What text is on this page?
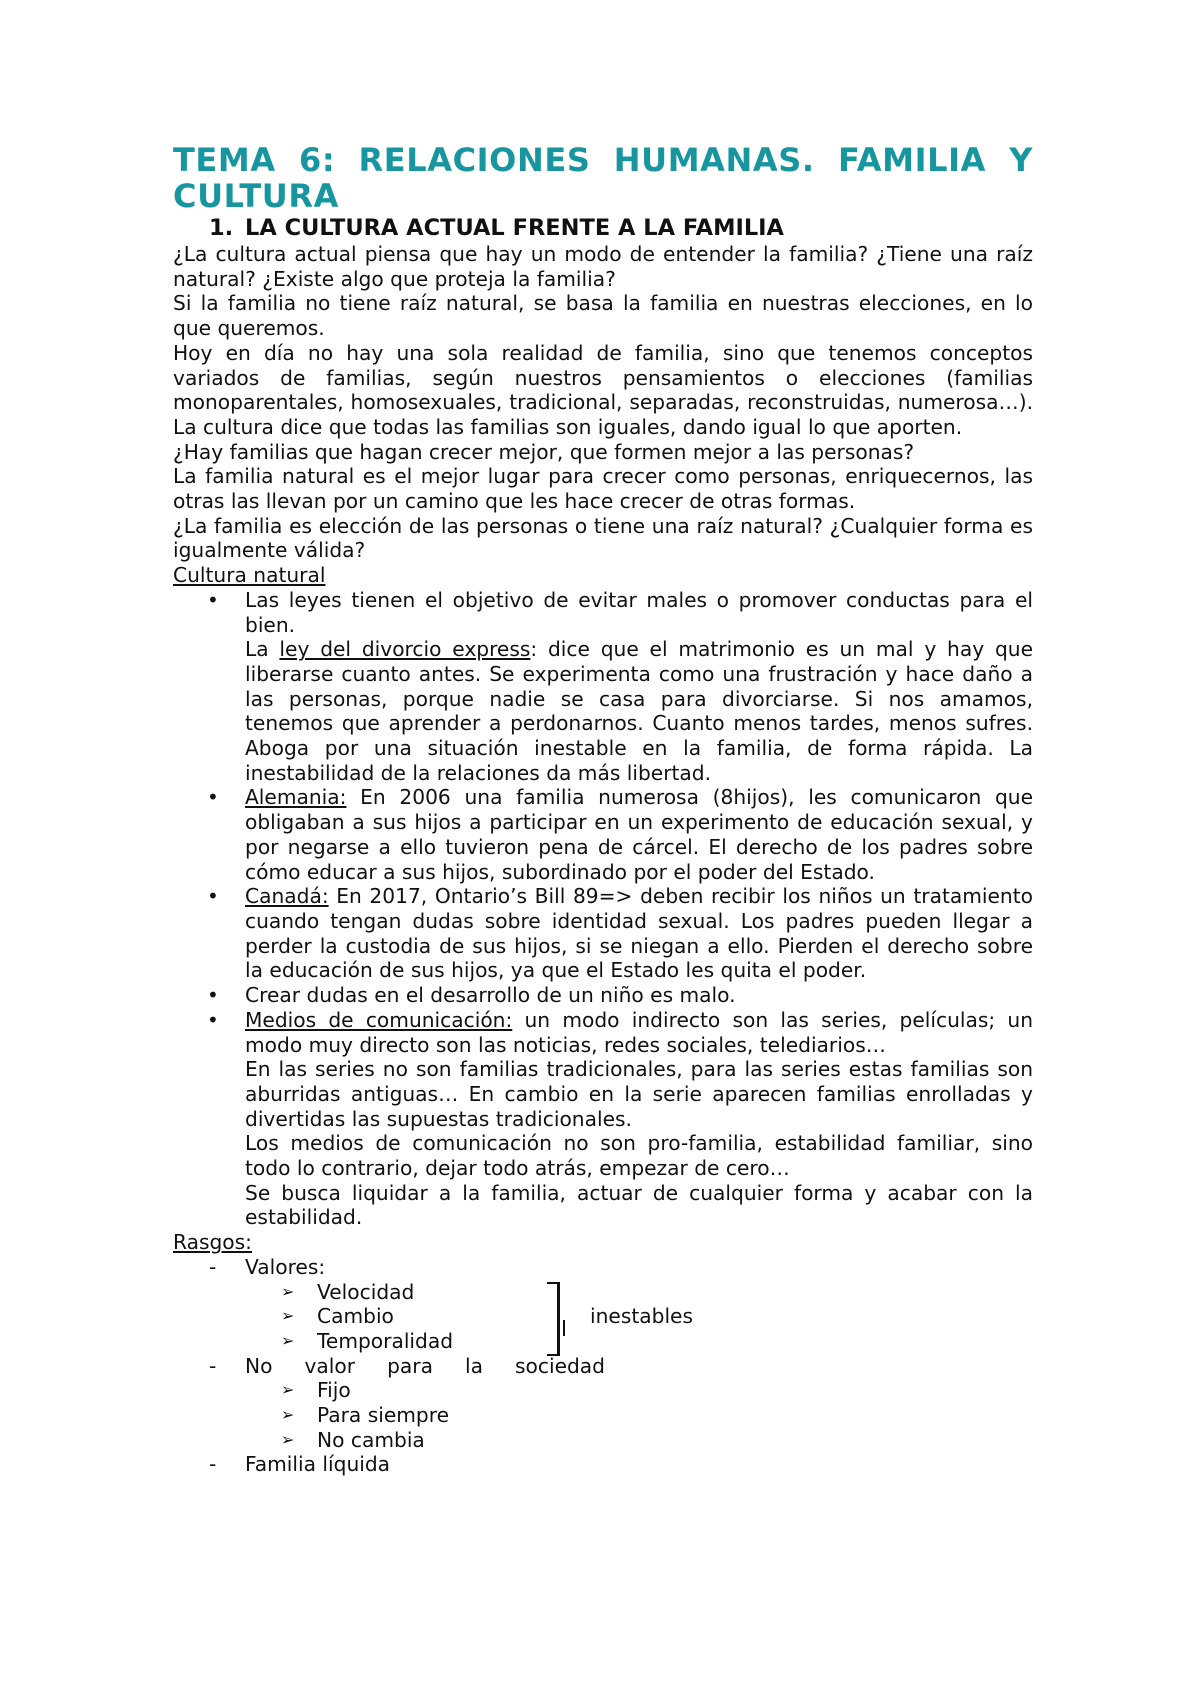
TEMA 6: RELACIONES HUMANAS. FAMILIA Y CULTURA
1. LA CULTURA ACTUAL FRENTE A LA FAMILIA

¿La cultura actual piensa que hay un modo de entender la familia? ¿Tiene una raíz natural? ¿Existe algo que proteja la familia?

Si la familia no tiene raíz natural, se basa la familia en nuestras elecciones, en lo que queremos.

Hoy en día no hay una sola realidad de familia, sino que tenemos conceptos variados de familias, según nuestros pensamientos o elecciones (familias monoparentales, homosexuales, tradicional, separadas, reconstruidas, numerosa…). La cultura dice que todas las familias son iguales, dando igual lo que aporten.

¿Hay familias que hagan crecer mejor, que formen mejor a las personas?

La familia natural es el mejor lugar para crecer como personas, enriquecernos, las otras las llevan por un camino que les hace crecer de otras formas.

¿La familia es elección de las personas o tiene una raíz natural? ¿Cualquier forma es igualmente válida?

Cultura natural

• Las leyes tienen el objetivo de evitar males o promover conductas para el bien.

La ley del divorcio express: dice que el matrimonio es un mal y hay que liberarse cuanto antes. Se experimenta como una frustración y hace daño a las personas, porque nadie se casa para divorciarse. Si nos amamos, tenemos que aprender a perdonarnos. Cuanto menos tardes, menos sufres. Aboga por una situación inestable en la familia, de forma rápida. La inestabilidad de la relaciones da más libertad.

• Alemania: En 2006 una familia numerosa (8hijos), les comunicaron que obligaban a sus hijos a participar en un experimento de educación sexual, y por negarse a ello tuvieron pena de cárcel. El derecho de los padres sobre cómo educar a sus hijos, subordinado por el poder del Estado.

• Canadá: En 2017, Ontario’s Bill 89=> deben recibir los niños un tratamiento cuando tengan dudas sobre identidad sexual. Los padres pueden llegar a perder la custodia de sus hijos, si se niegan a ello. Pierden el derecho sobre la educación de sus hijos, ya que el Estado les quita el poder.

• Crear dudas en el desarrollo de un niño es malo.

• Medios de comunicación: un modo indirecto son las series, películas; un modo muy directo son las noticias, redes sociales, telediarios…

En las series no son familias tradicionales, para las series estas familias son aburridas antiguas… En cambio en la serie aparecen familias enrolladas y divertidas las supuestas tradicionales.

Los medios de comunicación no son pro-familia, estabilidad familiar, sino todo lo contrario, dejar todo atrás, empezar de cero…

Se busca liquidar a la familia, actuar de cualquier forma y acabar con la estabilidad.

Rasgos:

- Valores:
➢ Velocidad
➢ Cambio
➢ Temporalidad
inestables
- No valor para la sociedad
➢ Fijo
➢ Para siempre
➢ No cambia
- Familia líquida
